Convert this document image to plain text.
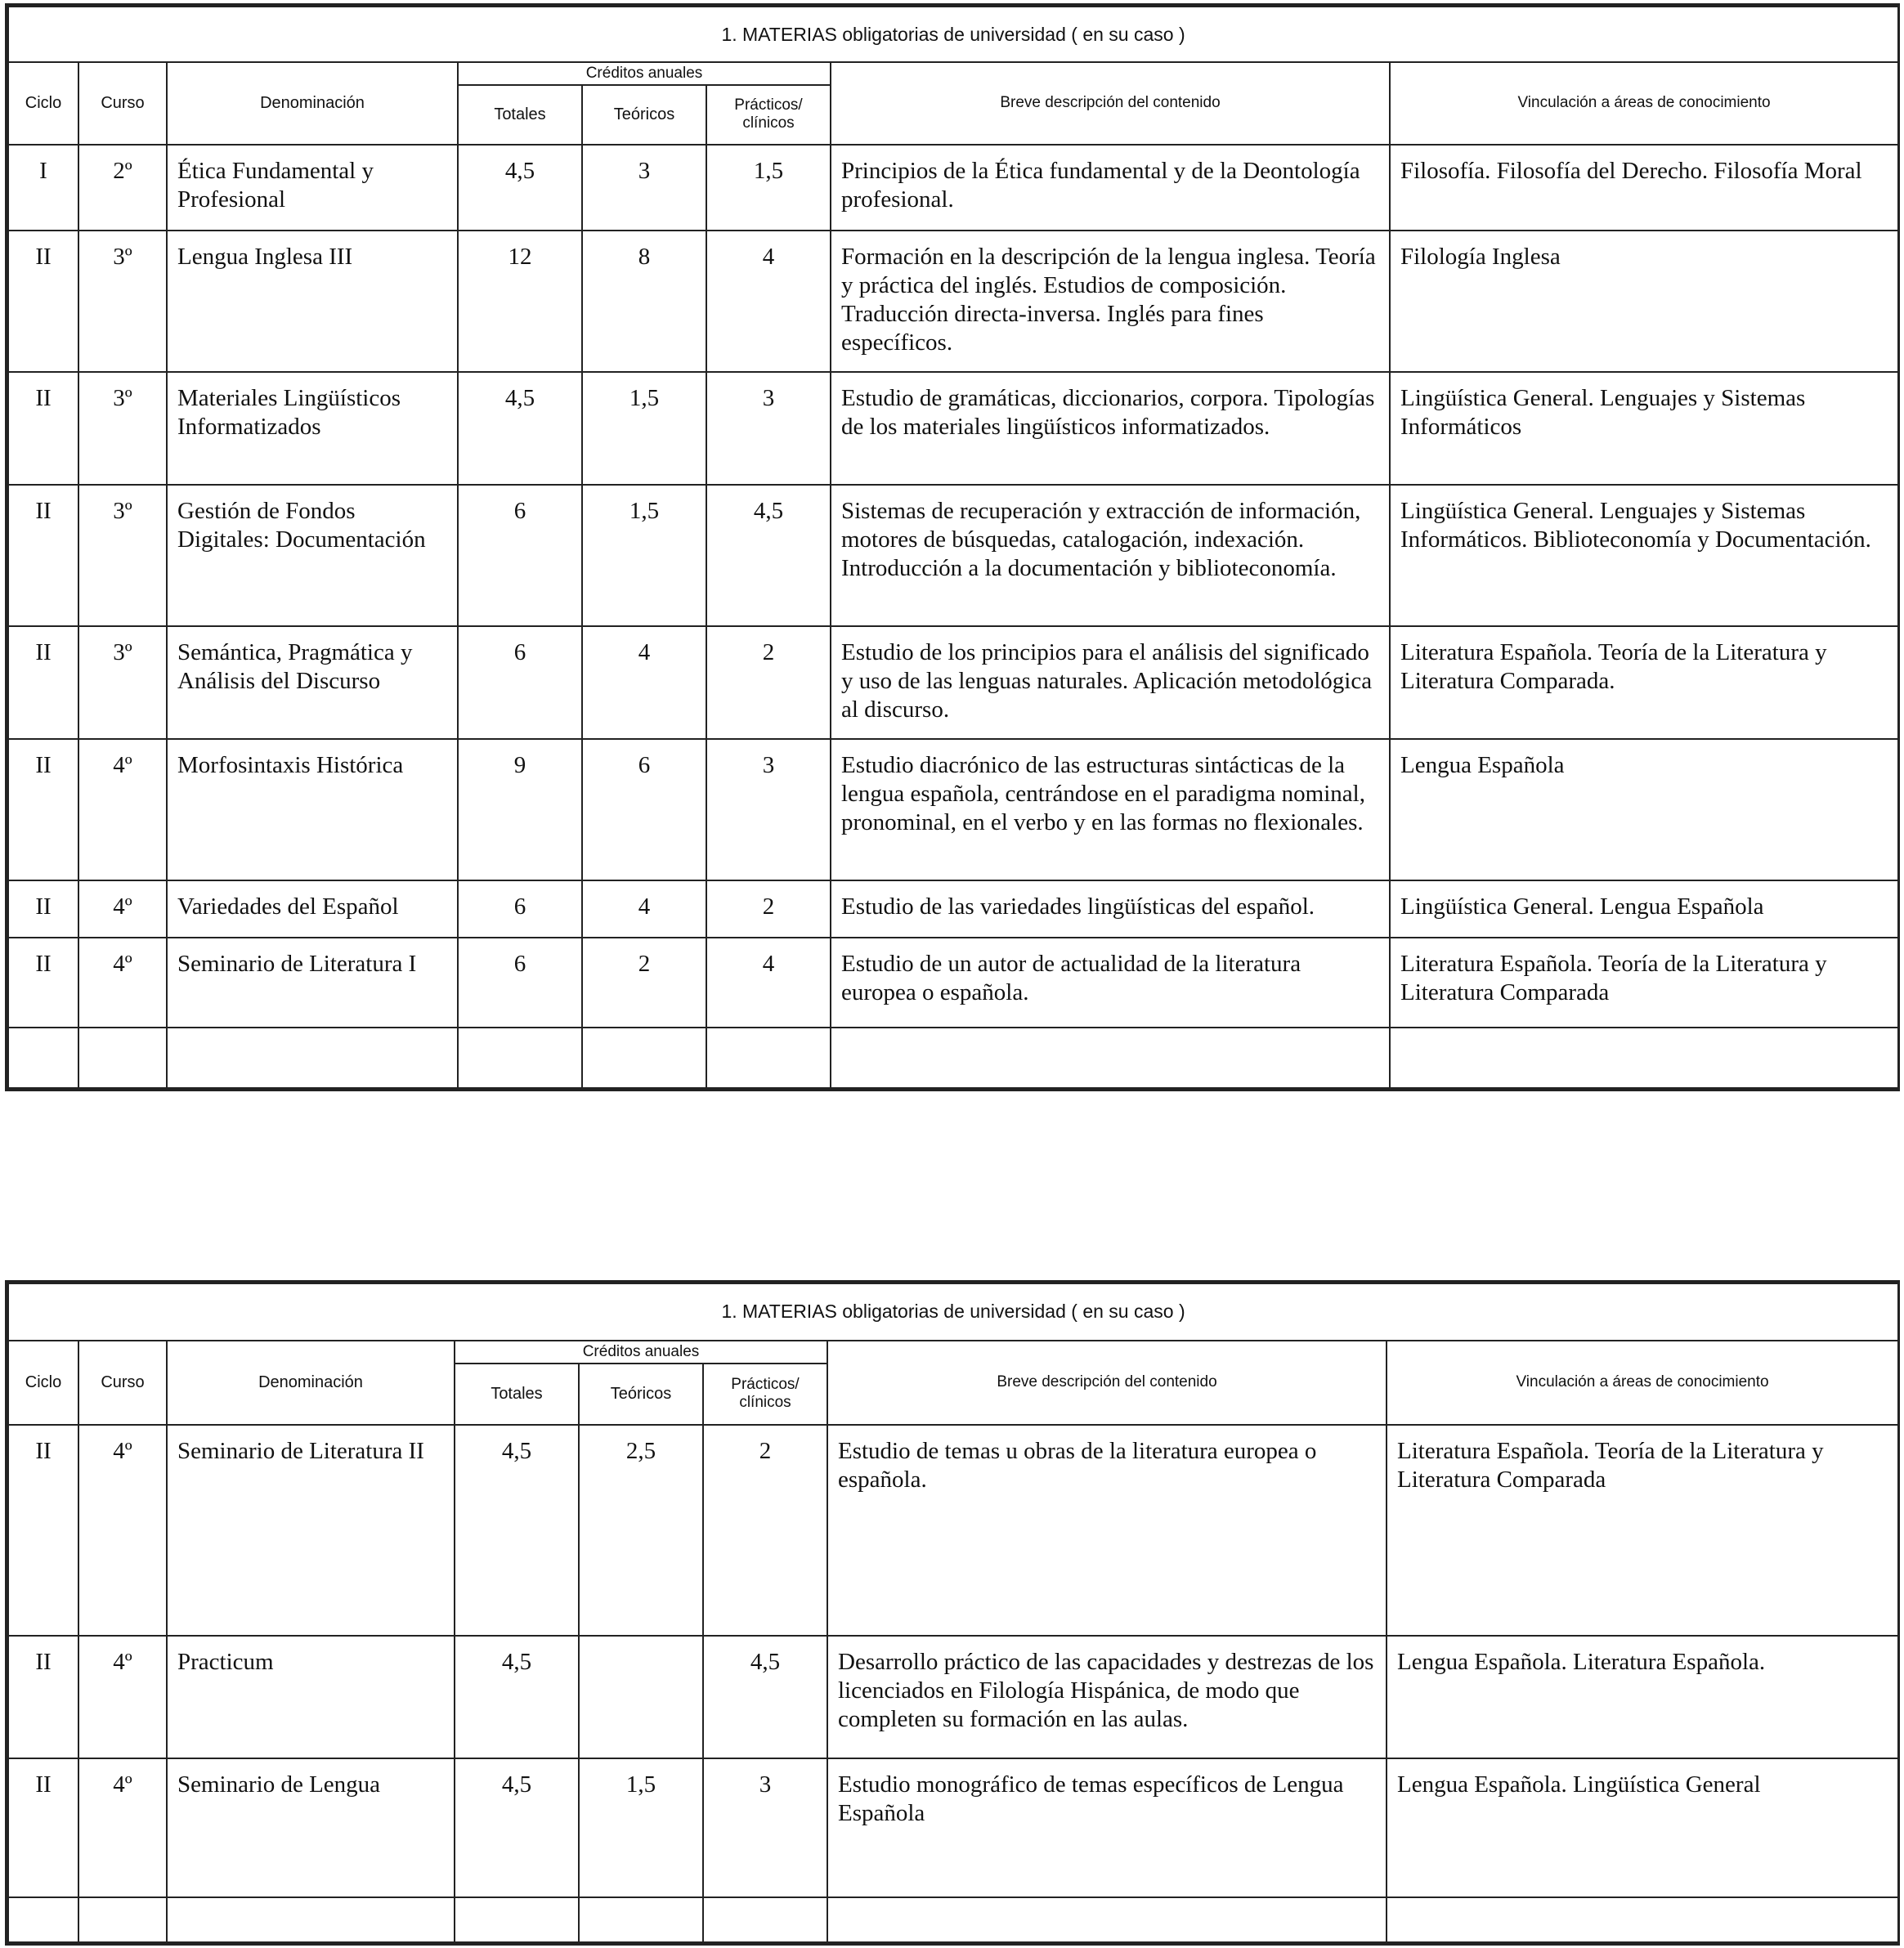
1. MATERIAS obligatorias de universidad ( en su caso )							
Ciclo	Curso	Denominación	Créditos anuales			Breve descripción del contenido	Vinculación a áreas de conocimiento
			Totales	Teóricos	Prácticos/ clínicos		

I	2º	Ética Fundamental y Profesional	4,5	3	1,5	Principios de la Ética fundamental y de la Deontología profesional.	Filosofía. Filosofía del Derecho. Filosofía Moral

II	3º	Lengua Inglesa III	12	8	4	Formación en la descripción de la lengua inglesa. Teoría y práctica del inglés. Estudios de composición. Traducción directa-inversa. Inglés para fines específicos.	Filología Inglesa

II	3º	Materiales Lingüísticos Informatizados	4,5	1,5	3	Estudio de gramáticas, diccionarios, corpora. Tipologías de los materiales lingüísticos informatizados.	Lingüística General. Lenguajes y Sistemas Informáticos

II	3º	Gestión de Fondos Digitales: Documentación	6	1,5	4,5	Sistemas de recuperación y extracción de información, motores de búsquedas, catalogación, indexación. Introducción a la documentación y biblioteconomía.	Lingüística General. Lenguajes y Sistemas Informáticos. Biblioteconomía y Documentación.

II	3º	Semántica, Pragmática y Análisis del Discurso	6	4	2	Estudio de los principios para el análisis del significado y uso de las lenguas naturales. Aplicación metodológica al discurso.	Literatura Española. Teoría de la Literatura y Literatura Comparada.

II	4º	Morfosintaxis Histórica	9	6	3	Estudio diacrónico de las estructuras sintácticas de la lengua española, centrándose en el paradigma nominal, pronominal, en el verbo y en las formas no flexionales.	Lengua Española

II	4º	Variedades del Español	6	4	2	Estudio de las variedades lingüísticas del español.	Lingüística General. Lengua Española

II	4º	Seminario de Literatura I	6	2	4	Estudio de un autor de actualidad de la literatura europea o española.	Literatura Española. Teoría de la Literatura y Literatura Comparada

1. MATERIAS obligatorias de universidad ( en su caso )							
Ciclo	Curso	Denominación	Créditos anuales			Breve descripción del contenido	Vinculación a áreas de conocimiento
			Totales	Teóricos	Prácticos/ clínicos		

II	4º	Seminario de Literatura II	4,5	2,5	2	Estudio de temas u obras de la literatura europea o española.	Literatura Española. Teoría de la Literatura y Literatura Comparada

II	4º	Practicum	4,5		4,5	Desarrollo práctico de las capacidades y destrezas de los licenciados en Filología Hispánica, de modo que completen su formación en las aulas.	Lengua Española. Literatura Española.

II	4º	Seminario de Lengua	4,5	1,5	3	Estudio monográfico de temas específicos de Lengua Española	Lengua Española. Lingüística General
